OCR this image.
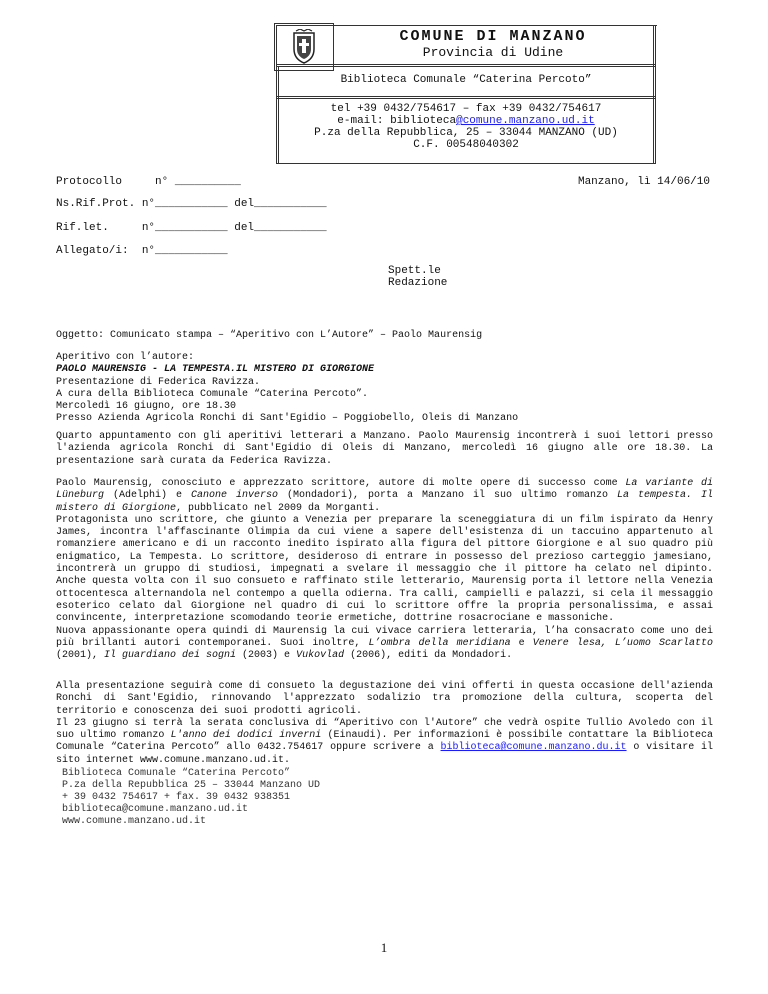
COMUNE DI MANZANO
Provincia di Udine
Biblioteca Comunale “Caterina Percoto”
tel +39 0432/754617 – fax +39 0432/754617
e-mail: biblioteca@comune.manzano.ud.it
P.za della Repubblica, 25 – 33044 MANZANO (UD)
C.F. 00548040302
Protocollo     n° __________	Manzano, lì 14/06/10
Ns.Rif.Prot. n°___________ del___________
Rif.let.     n°___________ del___________
Allegato/i:  n°___________
Spett.le
Redazione
Oggetto: Comunicato stampa – “Aperitivo con L’Autore” – Paolo Maurensig
Aperitivo con l’autore:
PAOLO MAURENSIG - LA TEMPESTA.IL MISTERO DI GIORGIONE
Presentazione di Federica Ravizza.
A cura della Biblioteca Comunale “Caterina Percoto”.
Mercoledì 16 giugno, ore 18.30
Presso Azienda Agricola Ronchi di Sant'Egidio – Poggiobello, Oleis di Manzano
Quarto appuntamento con gli aperitivi letterari a Manzano. Paolo Maurensig incontrerà i suoi lettori presso l'azienda agricola Ronchi di Sant'Egidio di Oleis di Manzano, mercoledì 16 giugno alle ore 18.30. La presentazione sarà curata da Federica Ravizza.

Paolo Maurensig, conosciuto e apprezzato scrittore, autore di molte opere di successo come La variante di Lüneburg (Adelphi) e Canone inverso (Mondadori), porta a Manzano il suo ultimo romanzo La tempesta. Il mistero di Giorgione, pubblicato nel 2009 da Morganti.

Protagonista uno scrittore, che giunto a Venezia per preparare la sceneggiatura di un film ispirato da Henry James, incontra l'affascinante Olimpia da cui viene a sapere dell'esistenza di un taccuino appartenuto al romanziere americano e di un racconto inedito ispirato alla figura del pittore Giorgione e al suo quadro più enigmatico, La Tempesta. Lo scrittore, desideroso di entrare in possesso del prezioso carteggio jamesiano, incontrerà un gruppo di studiosi, impegnati a svelare il messaggio che il pittore ha celato nel dipinto. Anche questa volta con il suo consueto e raffinato stile letterario, Maurensig porta il lettore nella Venezia ottocentesca alternandola nel contempo a quella odierna. Tra calli, campielli e palazzi, si cela il messaggio esoterico celato dal Giorgione nel quadro di cui lo scrittore offre la propria personalissima, e assai convincente, interpretazione scomodando teorie ermetiche, dottrine rosacrociane e massoniche.

Nuova appassionante opera quindi di Maurensig la cui vivace carriera letteraria, l’ha consacrato come uno dei più brillanti autori contemporanei. Suoi inoltre, L’ombra della meridiana e Venere lesa, L’uomo Scarlatto (2001), Il guardiano dei sogni (2003) e Vukovlad (2006), editi da Mondadori.

Alla presentazione seguirà come di consueto la degustazione dei vini offerti in questa occasione dell'azienda Ronchi di Sant'Egidio, rinnovando l'apprezzato sodalizio tra promozione della cultura, scoperta del territorio e conoscenza dei suoi prodotti agricoli.

Il 23 giugno si terrà la serata conclusiva di “Aperitivo con l'Autore” che vedrà ospite Tullio Avoledo con il suo ultimo romanzo L'anno dei dodici inverni (Einaudi). Per informazioni è possibile contattare la Biblioteca Comunale “Caterina Percoto” allo 0432.754617 oppure scrivere a biblioteca@comune.manzano.du.it o visitare il sito internet www.comune.manzano.ud.it.

Biblioteca Comunale “Caterina Percoto”
P.za della Repubblica 25 – 33044 Manzano UD
+ 39 0432 754617 + fax. 39 0432 938351
biblioteca@comune.manzano.ud.it
www.comune.manzano.ud.it
1
